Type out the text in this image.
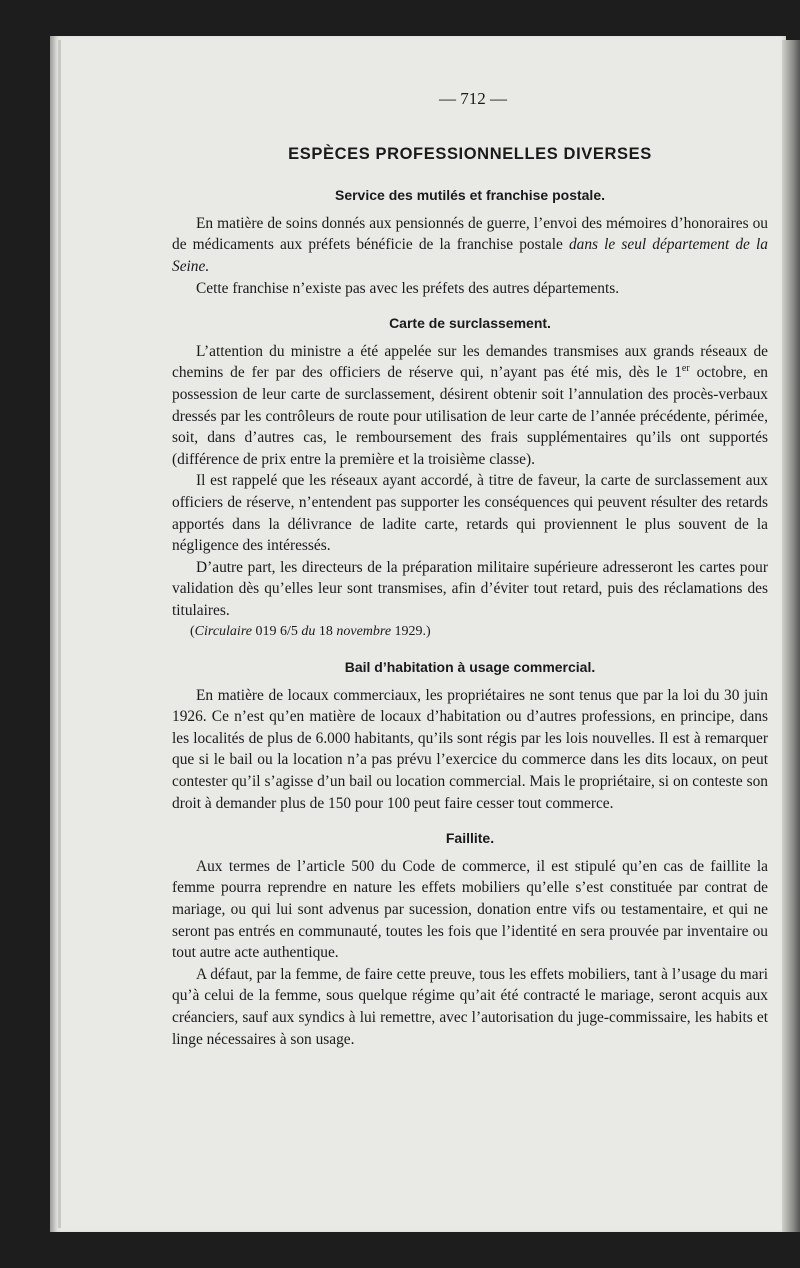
— 712 —
ESPÈCES PROFESSIONNELLES DIVERSES
Service des mutilés et franchise postale.

En matière de soins donnés aux pensionnés de guerre, l’envoi des mémoires d’honoraires ou de médicaments aux préfets bénéficie de la franchise postale dans le seul département de la Seine.

Cette franchise n’existe pas avec les préfets des autres départements.

Carte de surclassement.

L’attention du ministre a été appelée sur les demandes transmises aux grands réseaux de chemins de fer par des officiers de réserve qui, n’ayant pas été mis, dès le 1er octobre, en possession de leur carte de surclassement, désirent obtenir soit l’annulation des procès-verbaux dressés par les contrôleurs de route pour utilisation de leur carte de l’année précédente, périmée, soit, dans d’autres cas, le remboursement des frais supplémentaires qu’ils ont supportés (différence de prix entre la première et la troisième classe).

Il est rappelé que les réseaux ayant accordé, à titre de faveur, la carte de surclassement aux officiers de réserve, n’entendent pas supporter les conséquences qui peuvent résulter des retards apportés dans la délivrance de ladite carte, retards qui proviennent le plus souvent de la négligence des intéressés.

D’autre part, les directeurs de la préparation militaire supérieure adresseront les cartes pour validation dès qu’elles leur sont transmises, afin d’éviter tout retard, puis des réclamations des titulaires.

(Circulaire 019 6/5 du 18 novembre 1929.)

Bail d’habitation à usage commercial.

En matière de locaux commerciaux, les propriétaires ne sont tenus que par la loi du 30 juin 1926. Ce n’est qu’en matière de locaux d’habitation ou d’autres professions, en principe, dans les localités de plus de 6.000 habitants, qu’ils sont régis par les lois nouvelles. Il est à remarquer que si le bail ou la location n’a pas prévu l’exercice du commerce dans les dits locaux, on peut contester qu’il s’agisse d’un bail ou location commercial. Mais le propriétaire, si on conteste son droit à demander plus de 150 pour 100 peut faire cesser tout commerce.

Faillite.

Aux termes de l’article 500 du Code de commerce, il est stipulé qu’en cas de faillite la femme pourra reprendre en nature les effets mobiliers qu’elle s’est constituée par contrat de mariage, ou qui lui sont advenus par sucession, donation entre vifs ou testamentaire, et qui ne seront pas entrés en communauté, toutes les fois que l’identité en sera prouvée par inventaire ou tout autre acte authentique.

A défaut, par la femme, de faire cette preuve, tous les effets mobiliers, tant à l’usage du mari qu’à celui de la femme, sous quelque régime qu’ait été contracté le mariage, seront acquis aux créanciers, sauf aux syndics à lui remettre, avec l’autorisation du juge-commissaire, les habits et linge nécessaires à son usage.
